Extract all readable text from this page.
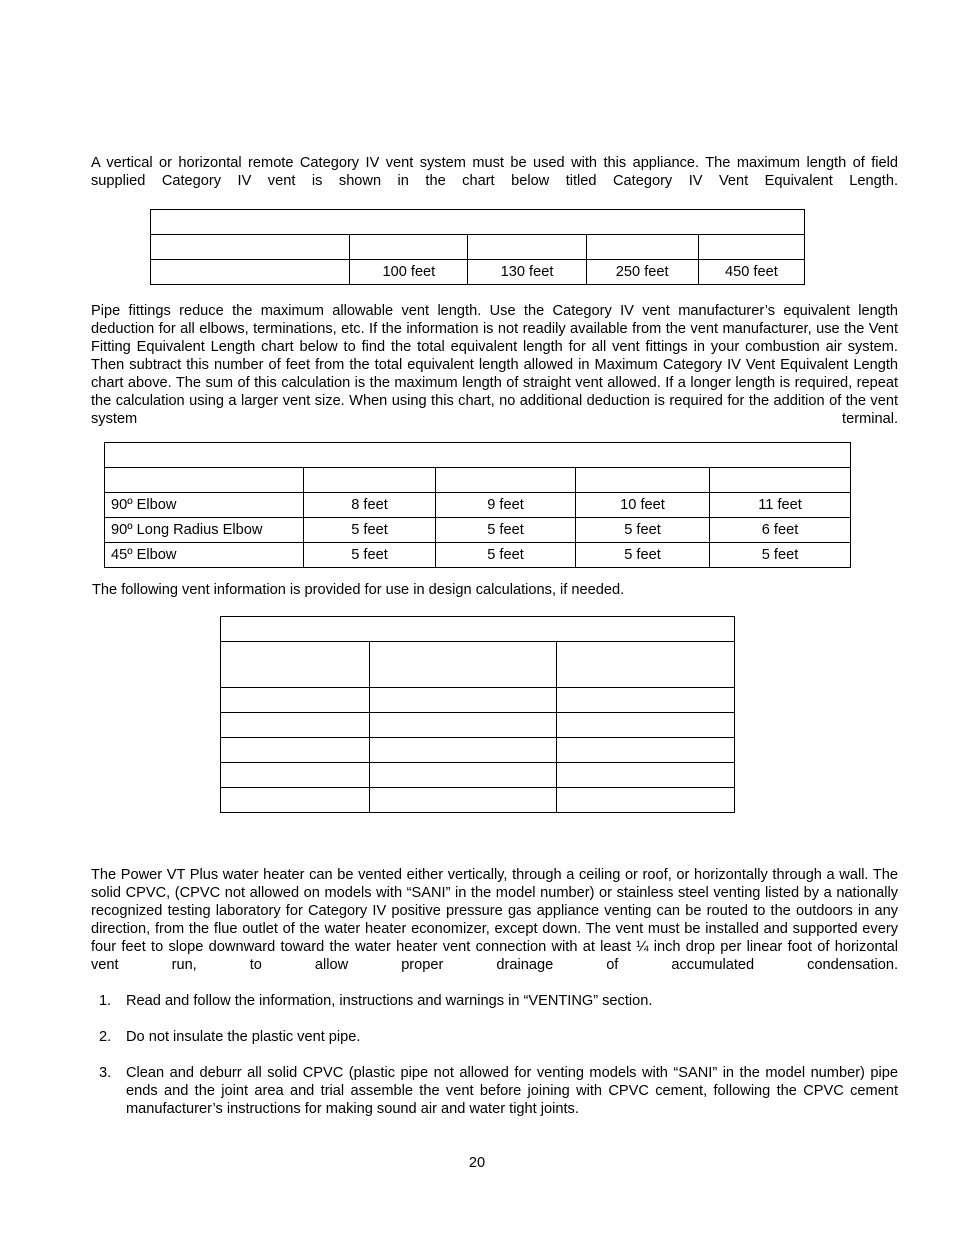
A vertical or horizontal remote Category IV vent system must be used with this appliance. The maximum length of field supplied Category IV vent is shown in the chart below titled Category IV Vent Equivalent Length.

	100 feet	130 feet	250 feet	450 feet

Pipe fittings reduce the maximum allowable vent length. Use the Category IV vent manufacturer’s equivalent length deduction for all elbows, terminations, etc. If the information is not readily available from the vent manufacturer, use the Vent Fitting Equivalent Length chart below to find the total equivalent length for all vent fittings in your combustion air system. Then subtract this number of feet from the total equivalent length allowed in Maximum Category IV Vent Equivalent Length chart above. The sum of this calculation is the maximum length of straight vent allowed. If a longer length is required, repeat the calculation using a larger vent size. When using this chart, no additional deduction is required for the addition of the vent system terminal.

90º Elbow	8 feet	9 feet	10 feet	11 feet
90º Long Radius Elbow	5 feet	5 feet	5 feet	6 feet
45º Elbow	5 feet	5 feet	5 feet	5 feet

The following vent information is provided for use in design calculations, if needed.

The Power VT Plus water heater can be vented either vertically, through a ceiling or roof, or horizontally through a wall. The solid CPVC, (CPVC not allowed on models with “SANI” in the model number) or stainless steel venting listed by a nationally recognized testing laboratory for Category IV positive pressure gas appliance venting can be routed to the outdoors in any direction, from the flue outlet of the water heater economizer, except down. The vent must be installed and supported every four feet to slope downward toward the water heater vent connection with at least ¼ inch drop per linear foot of horizontal vent run, to allow proper drainage of accumulated condensation.

1. Read and follow the information, instructions and warnings in “VENTING” section.
2. Do not insulate the plastic vent pipe.
3. Clean and deburr all solid CPVC (plastic pipe not allowed for venting models with “SANI” in the model number) pipe ends and the joint area and trial assemble the vent before joining with CPVC cement, following the CPVC cement manufacturer’s instructions for making sound air and water tight joints.
20
